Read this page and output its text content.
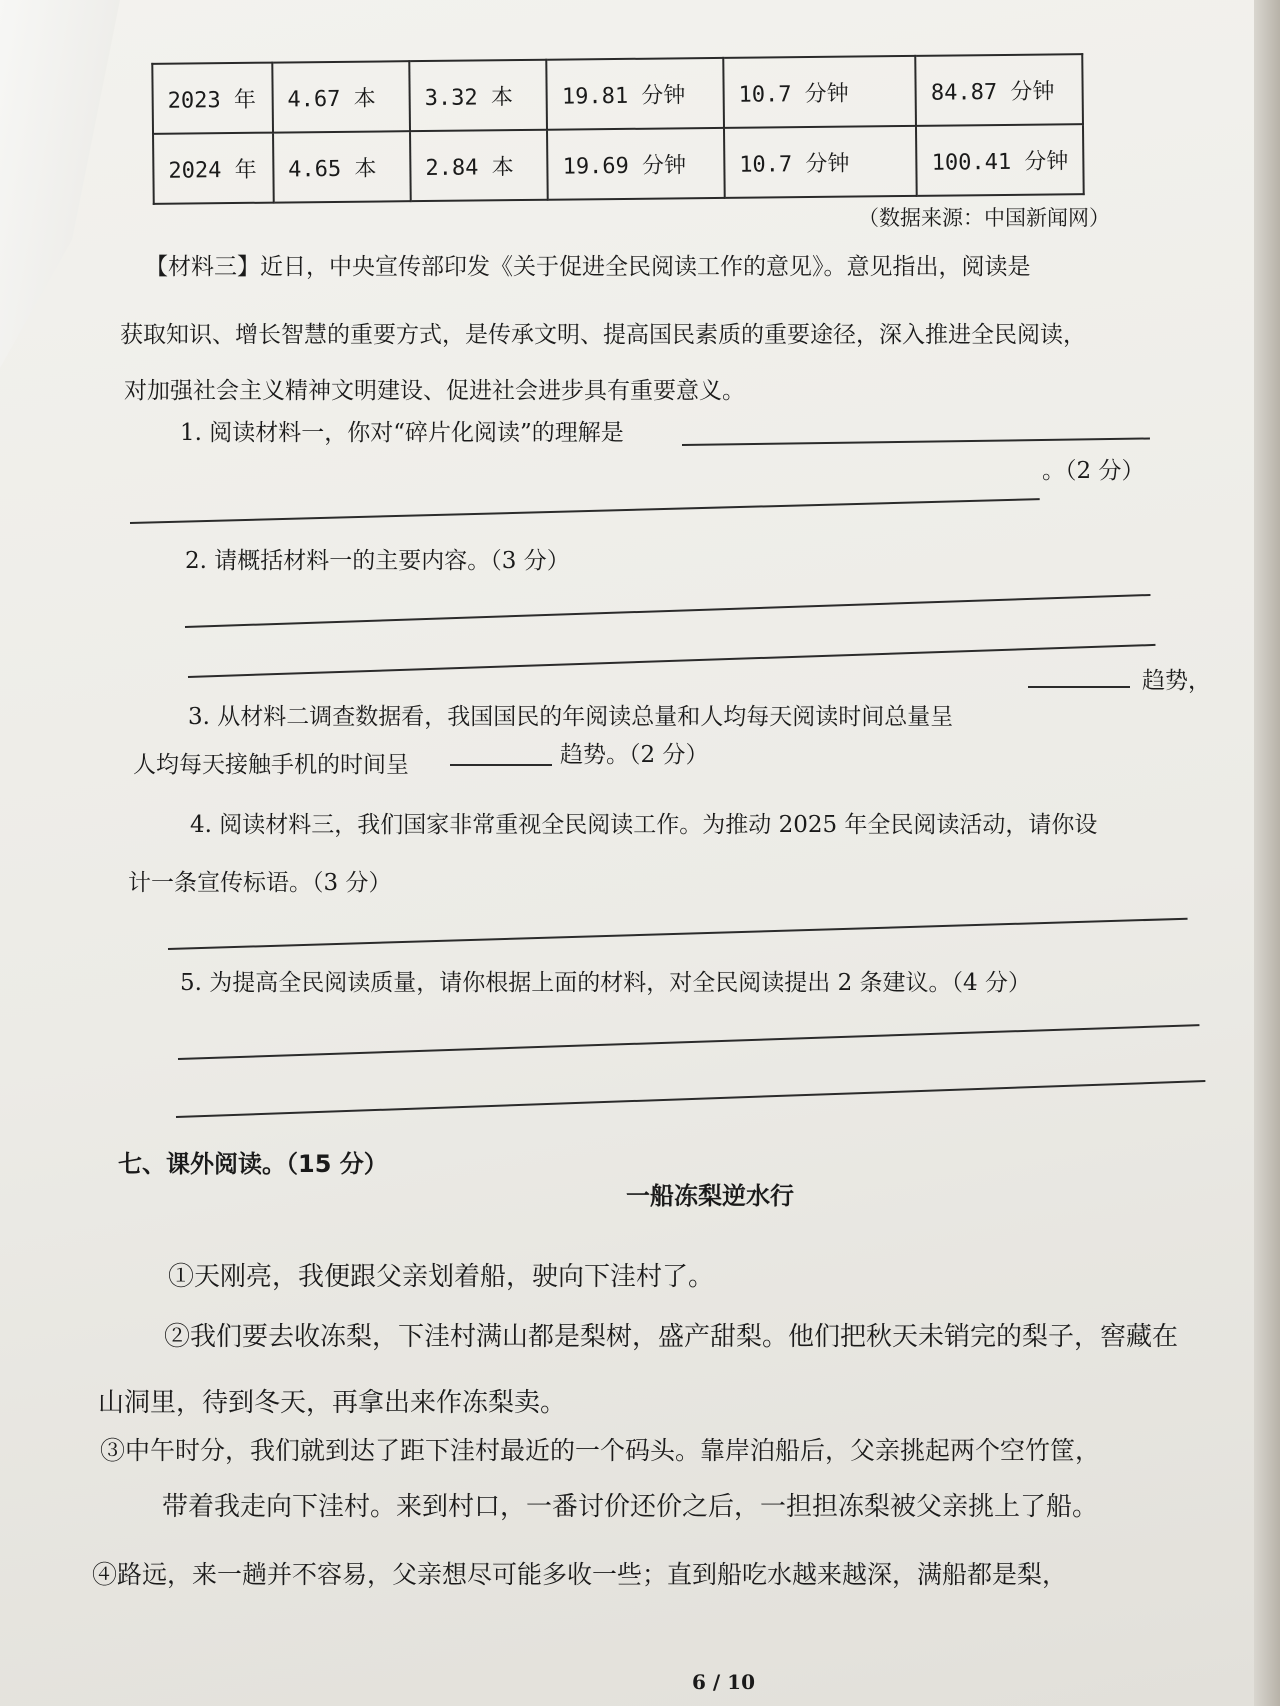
2023 年	4.67 本	3.32 本	19.81 分钟	10.7 分钟	84.87 分钟
2024 年	4.65 本	2.84 本	19.69 分钟	10.7 分钟	100.41 分钟
（数据来源：中国新闻网）
【材料三】近日，中央宣传部印发《关于促进全民阅读工作的意见》。意见指出，阅读是
获取知识、增长智慧的重要方式，是传承文明、提高国民素质的重要途径，深入推进全民阅读，
对加强社会主义精神文明建设、促进社会进步具有重要意义。
1. 阅读材料一，你对“碎片化阅读”的理解是
。（2 分）
2. 请概括材料一的主要内容。（3 分）
3. 从材料二调查数据看，我国国民的年阅读总量和人均每天阅读时间总量呈
趋势，
人均每天接触手机的时间呈	趋势。（2 分）
4. 阅读材料三，我们国家非常重视全民阅读工作。为推动 2025 年全民阅读活动，请你设
计一条宣传标语。（3 分）
5. 为提高全民阅读质量，请你根据上面的材料，对全民阅读提出 2 条建议。（4 分）
七、课外阅读。（15 分）
一船冻梨逆水行
①天刚亮，我便跟父亲划着船，驶向下洼村了。
②我们要去收冻梨，下洼村满山都是梨树，盛产甜梨。他们把秋天未销完的梨子，窖藏在
山洞里，待到冬天，再拿出来作冻梨卖。
③中午时分，我们就到达了距下洼村最近的一个码头。靠岸泊船后，父亲挑起两个空竹筐，
带着我走向下洼村。来到村口，一番讨价还价之后，一担担冻梨被父亲挑上了船。
④路远，来一趟并不容易，父亲想尽可能多收一些；直到船吃水越来越深，满船都是梨，
6 / 10
